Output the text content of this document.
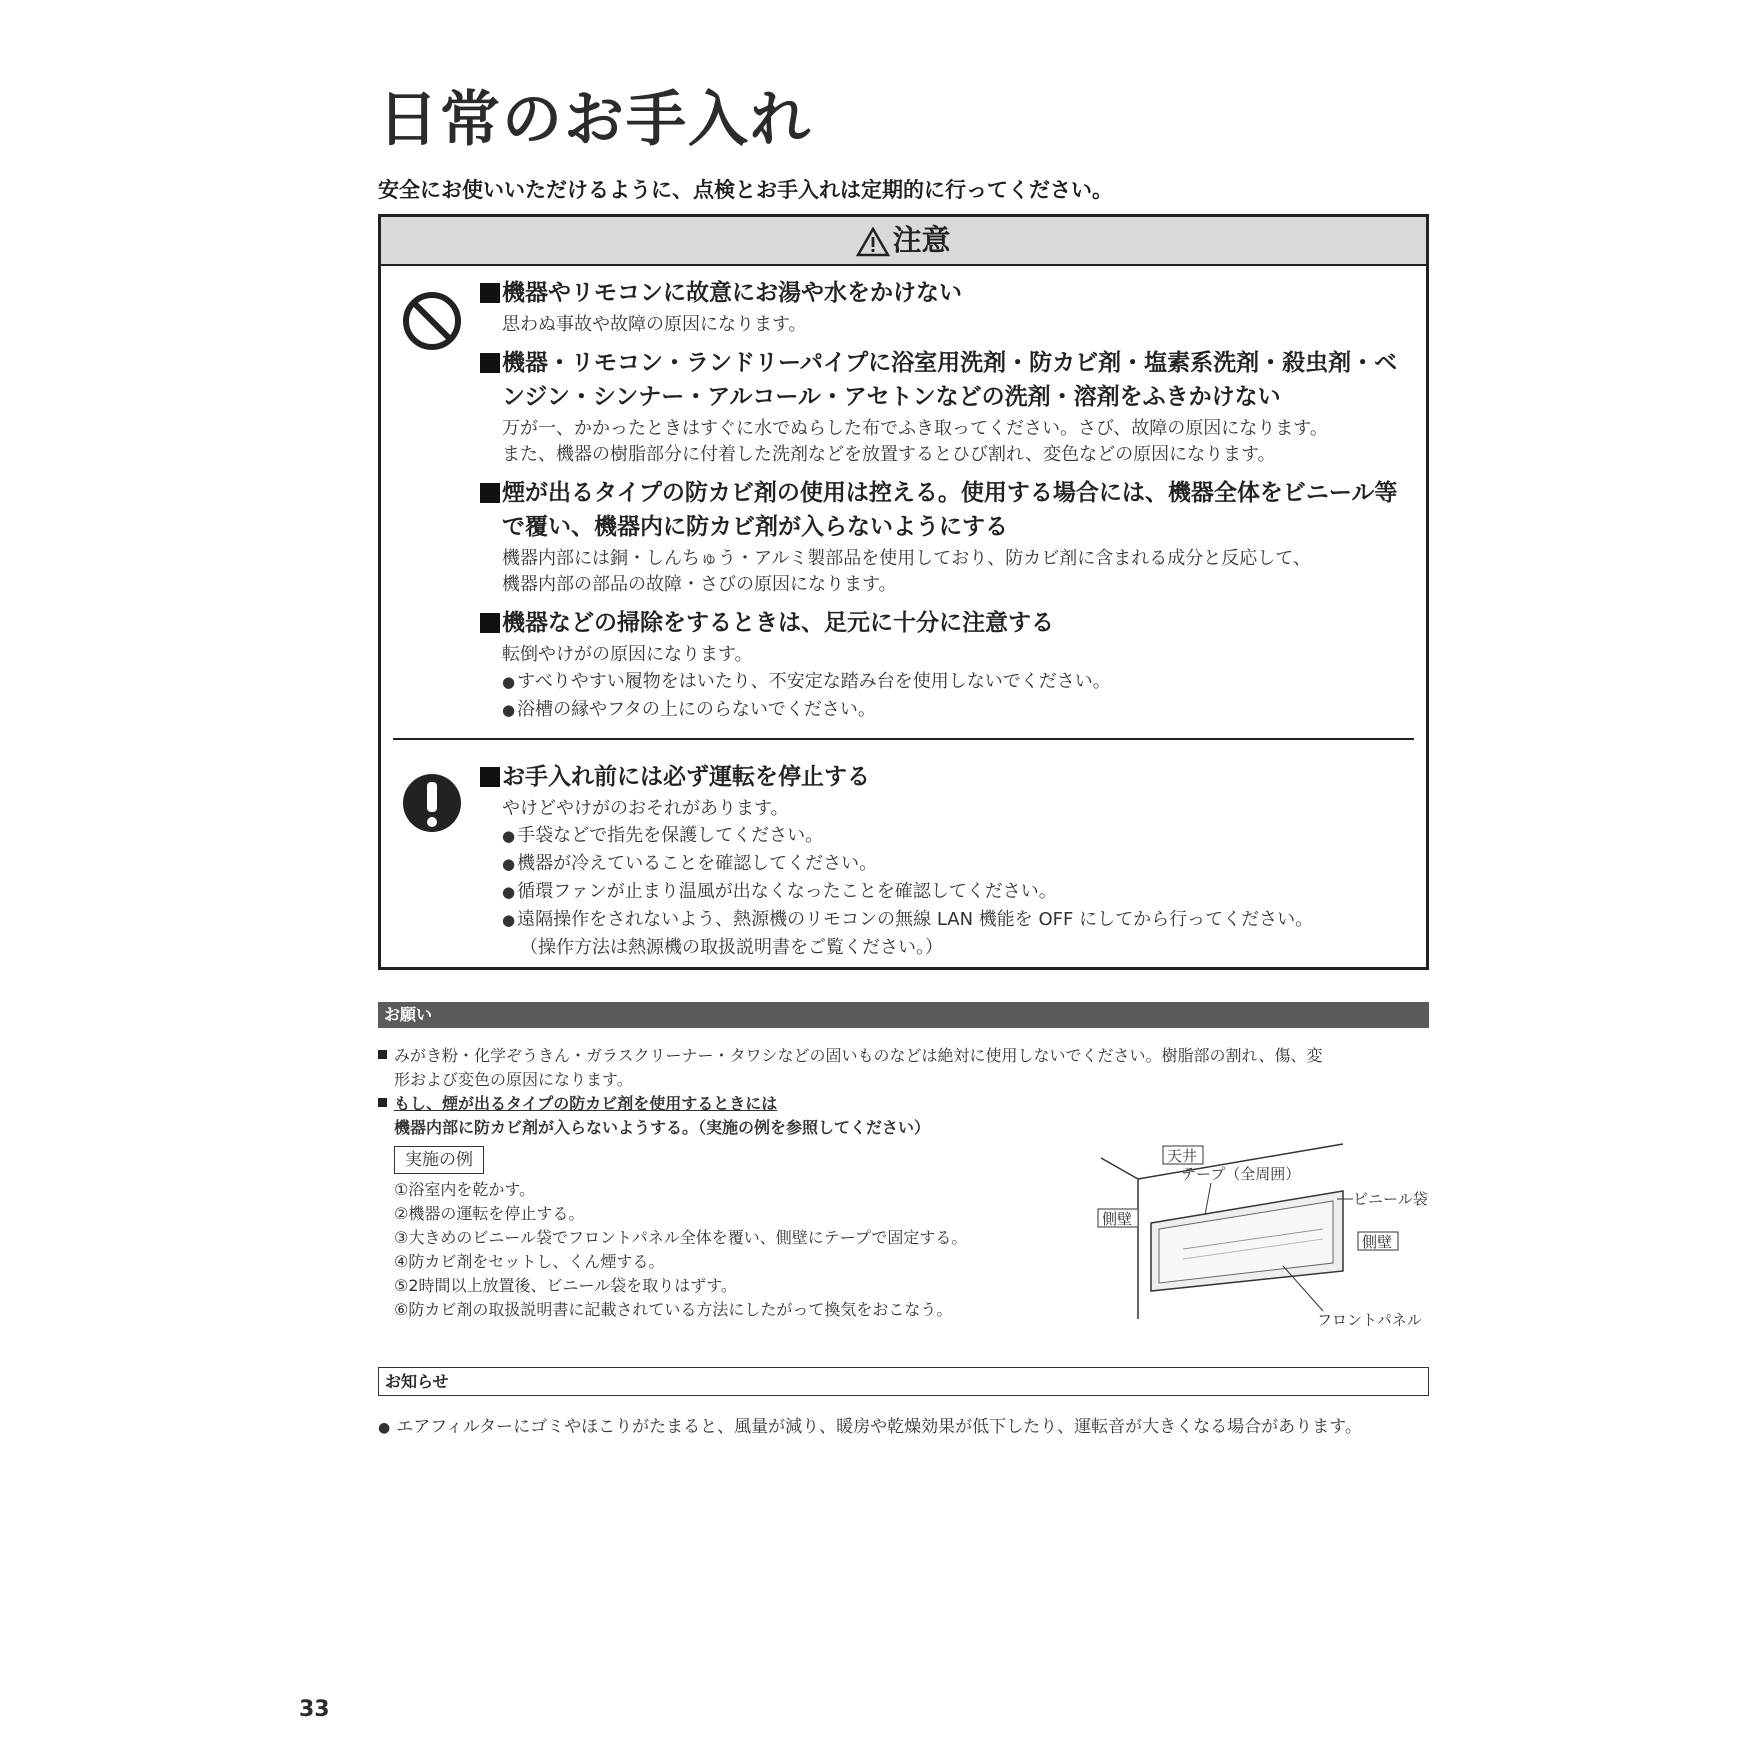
日常のお手入れ

安全にお使いいただけるように、点検とお手入れは定期的に行ってください。

注意

機器やリモコンに故意にお湯や水をかけない

思わぬ事故や故障の原因になります。

機器・リモコン・ランドリーパイプに浴室用洗剤・防カビ剤・塩素系洗剤・殺虫剤・ベンジン・シンナー・アルコール・アセトンなどの洗剤・溶剤をふきかけない

万が一、かかったときはすぐに水でぬらした布でふき取ってください。さび、故障の原因になります。
また、機器の樹脂部分に付着した洗剤などを放置するとひび割れ、変色などの原因になります。

煙が出るタイプの防カビ剤の使用は控える。使用する場合には、機器全体をビニール等で覆い、機器内に防カビ剤が入らないようにする

機器内部には銅・しんちゅう・アルミ製部品を使用しており、防カビ剤に含まれる成分と反応して、
機器内部の部品の故障・さびの原因になります。

機器などの掃除をするときは、足元に十分に注意する

転倒やけがの原因になります。

● すべりやすい履物をはいたり、不安定な踏み台を使用しないでください。
● 浴槽の縁やフタの上にのらないでください。

お手入れ前には必ず運転を停止する

やけどやけがのおそれがあります。

● 手袋などで指先を保護してください。
● 機器が冷えていることを確認してください。
● 循環ファンが止まり温風が出なくなったことを確認してください。
● 遠隔操作をされないよう、熱源機のリモコンの無線 LAN 機能を OFF にしてから行ってください。
（操作方法は熱源機の取扱説明書をご覧ください。）
お願い
みがき粉・化学ぞうきん・ガラスクリーナー・タワシなどの固いものなどは絶対に使用しないでください。樹脂部の割れ、傷、変
形および変色の原因になります。
もし、煙が出るタイプの防カビ剤を使用するときには
機器内部に防カビ剤が入らないようする。（実施の例を参照してください）
実施の例
①浴室内を乾かす。
②機器の運転を停止する。
③大きめのビニール袋でフロントパネル全体を覆い、側壁にテープで固定する。
④防カビ剤をセットし、くん煙する。
⑤2時間以上放置後、ビニール袋を取りはずす。
⑥防カビ剤の取扱説明書に記載されている方法にしたがって換気をおこなう。
天井
側壁
側壁
テープ（全周囲）
ビニール袋
フロントパネル
お知らせ
● エアフィルターにゴミやほこりがたまると、風量が減り、暖房や乾燥効果が低下したり、運転音が大きくなる場合があります。
33
